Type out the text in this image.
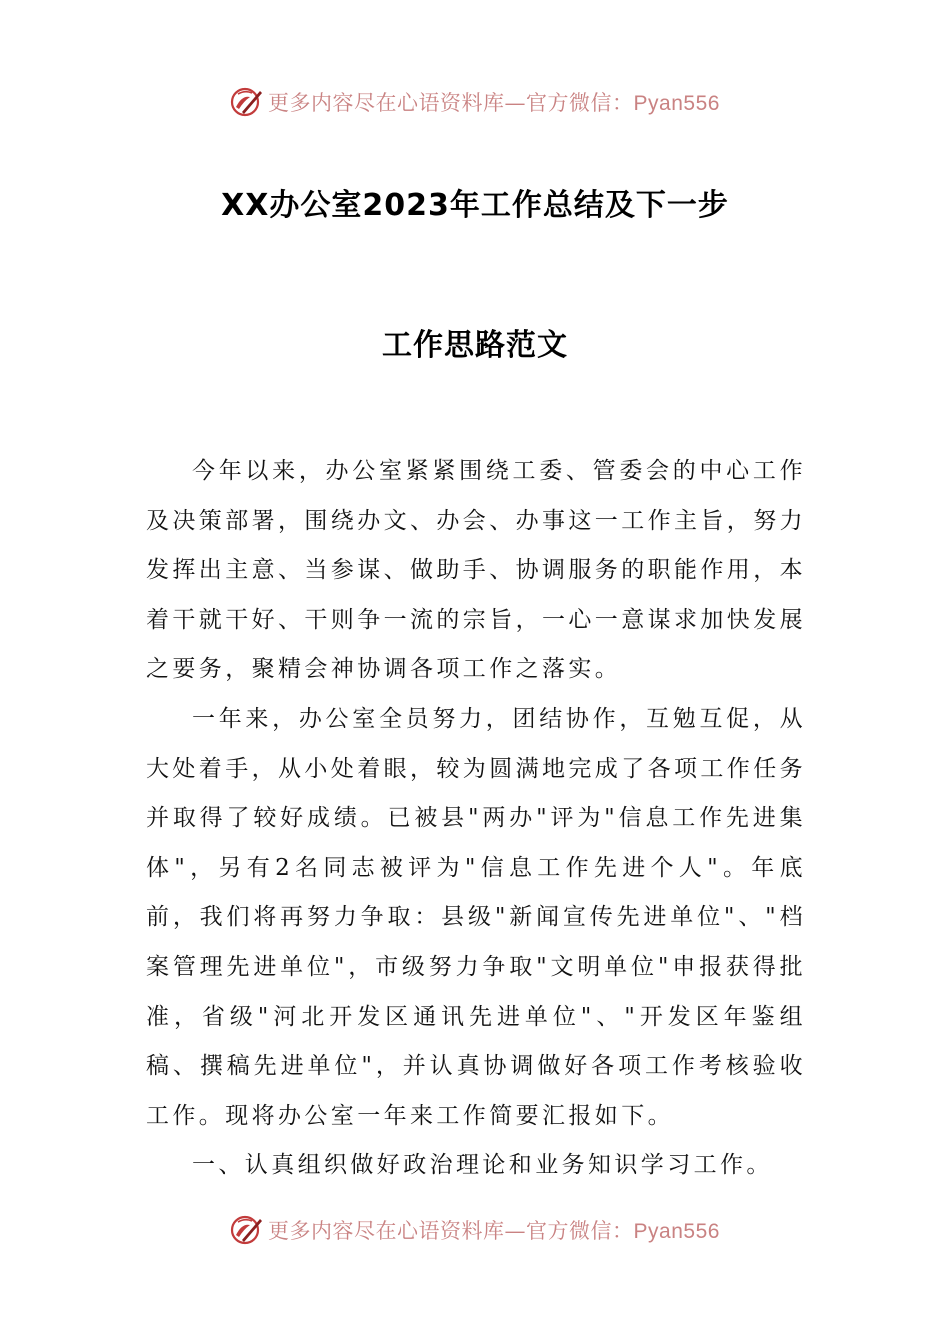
更多内容尽在心语资料库—官方微信：Pyan556
XX办公室2023年工作总结及下一步
工作思路范文

今年以来，办公室紧紧围绕工委、管委会的中心工作及决策部署，围绕办文、办会、办事这一工作主旨，努力发挥出主意、当参谋、做助手、协调服务的职能作用，本着干就干好、干则争一流的宗旨，一心一意谋求加快发展之要务，聚精会神协调各项工作之落实。

一年来，办公室全员努力，团结协作，互勉互促，从大处着手，从小处着眼，较为圆满地完成了各项工作任务并取得了较好成绩。已被县"两办"评为"信息工作先进集体"，另有2名同志被评为"信息工作先进个人"。年底前，我们将再努力争取：县级"新闻宣传先进单位"、"档案管理先进单位"，市级努力争取"文明单位"申报获得批准，省级"河北开发区通讯先进单位"、"开发区年鉴组稿、撰稿先进单位"，并认真协调做好各项工作考核验收工作。现将办公室一年来工作简要汇报如下。

一、认真组织做好政治理论和业务知识学习工作。

更多内容尽在心语资料库—官方微信：Pyan556
